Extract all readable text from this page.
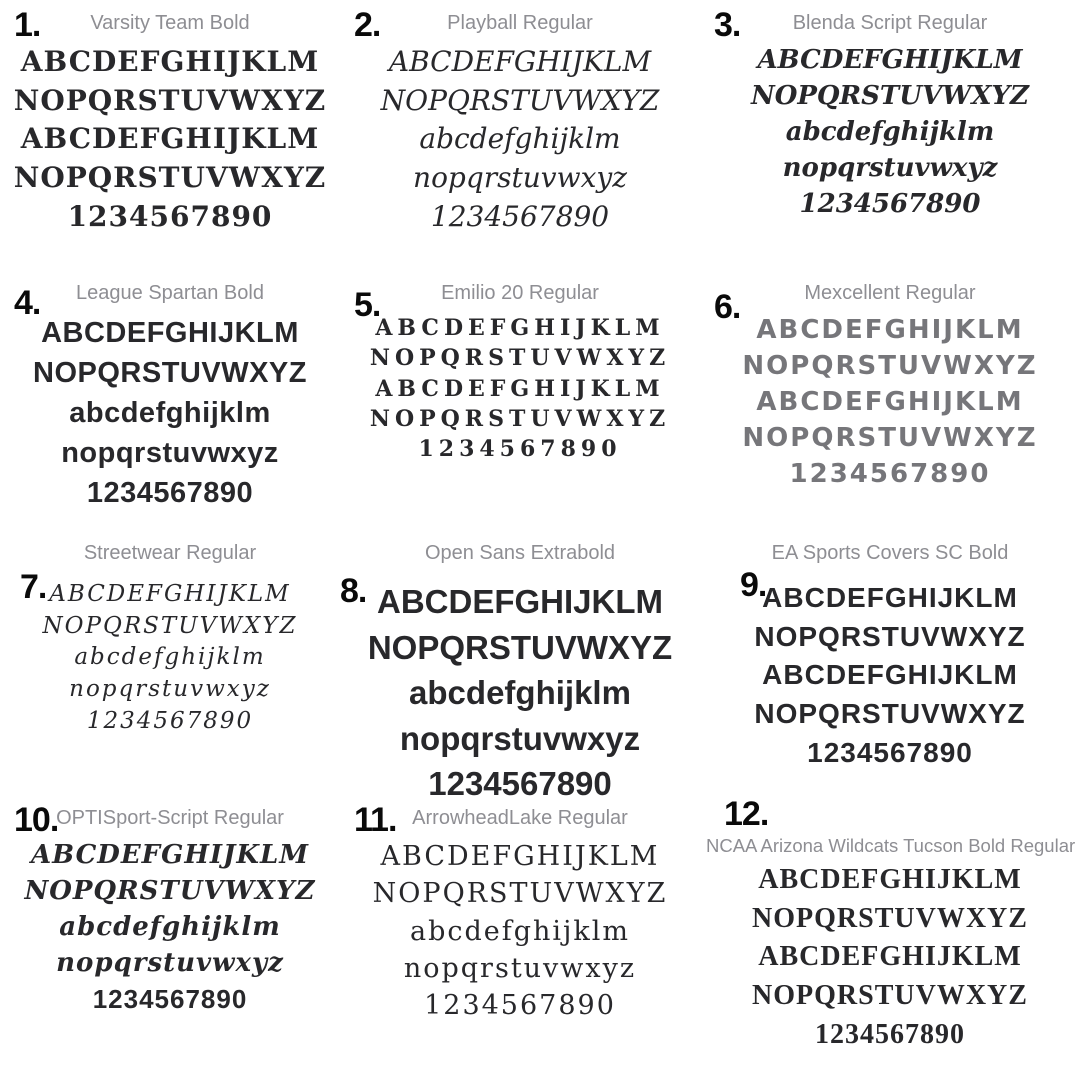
1.	Varsity Team Bold
ABCDEFGHIJKLM
NOPQRSTUVWXYZ
ABCDEFGHIJKLM
NOPQRSTUVWXYZ
1234567890
2.	Playball Regular
ABCDEFGHIJKLM
NOPQRSTUVWXYZ
abcdefghijklm
nopqrstuvwxyz
1234567890
3.	Blenda Script Regular
ABCDEFGHIJKLM
NOPQRSTUVWXYZ
abcdefghijklm
nopqrstuvwxyz
1234567890
4.	League Spartan Bold
ABCDEFGHIJKLM
NOPQRSTUVWXYZ
abcdefghijklm
nopqrstuvwxyz
1234567890
5.	Emilio 20 Regular
ABCDEFGHIJKLM
NOPQRSTUVWXYZ
ABCDEFGHIJKLM
NOPQRSTUVWXYZ
1234567890
6.	Mexcellent Regular
ABCDEFGHIJKLM
NOPQRSTUVWXYZ
ABCDEFGHIJKLM
NOPQRSTUVWXYZ
1234567890
7.
Streetwear Regular
ABCDEFGHIJKLM
NOPQRSTUVWXYZ
abcdefghijklm
nopqrstuvwxyz
1234567890
8.
Open Sans Extrabold
ABCDEFGHIJKLM
NOPQRSTUVWXYZ
abcdefghijklm
nopqrstuvwxyz
1234567890
9.
EA Sports Covers SC Bold
ABCDEFGHIJKLM
NOPQRSTUVWXYZ
ABCDEFGHIJKLM
NOPQRSTUVWXYZ
1234567890
10.
OPTISport-Script Regular
ABCDEFGHIJKLM
NOPQRSTUVWXYZ
abcdefghijklm
nopqrstuvwxyz
1234567890
11. ArrowheadLake Regular
ABCDEFGHIJKLM
NOPQRSTUVWXYZ
abcdefghijklm
nopqrstuvwxyz
1234567890
12.
NCAA Arizona Wildcats Tucson Bold Regular
ABCDEFGHIJKLM
NOPQRSTUVWXYZ
ABCDEFGHIJKLM
NOPQRSTUVWXYZ
1234567890
